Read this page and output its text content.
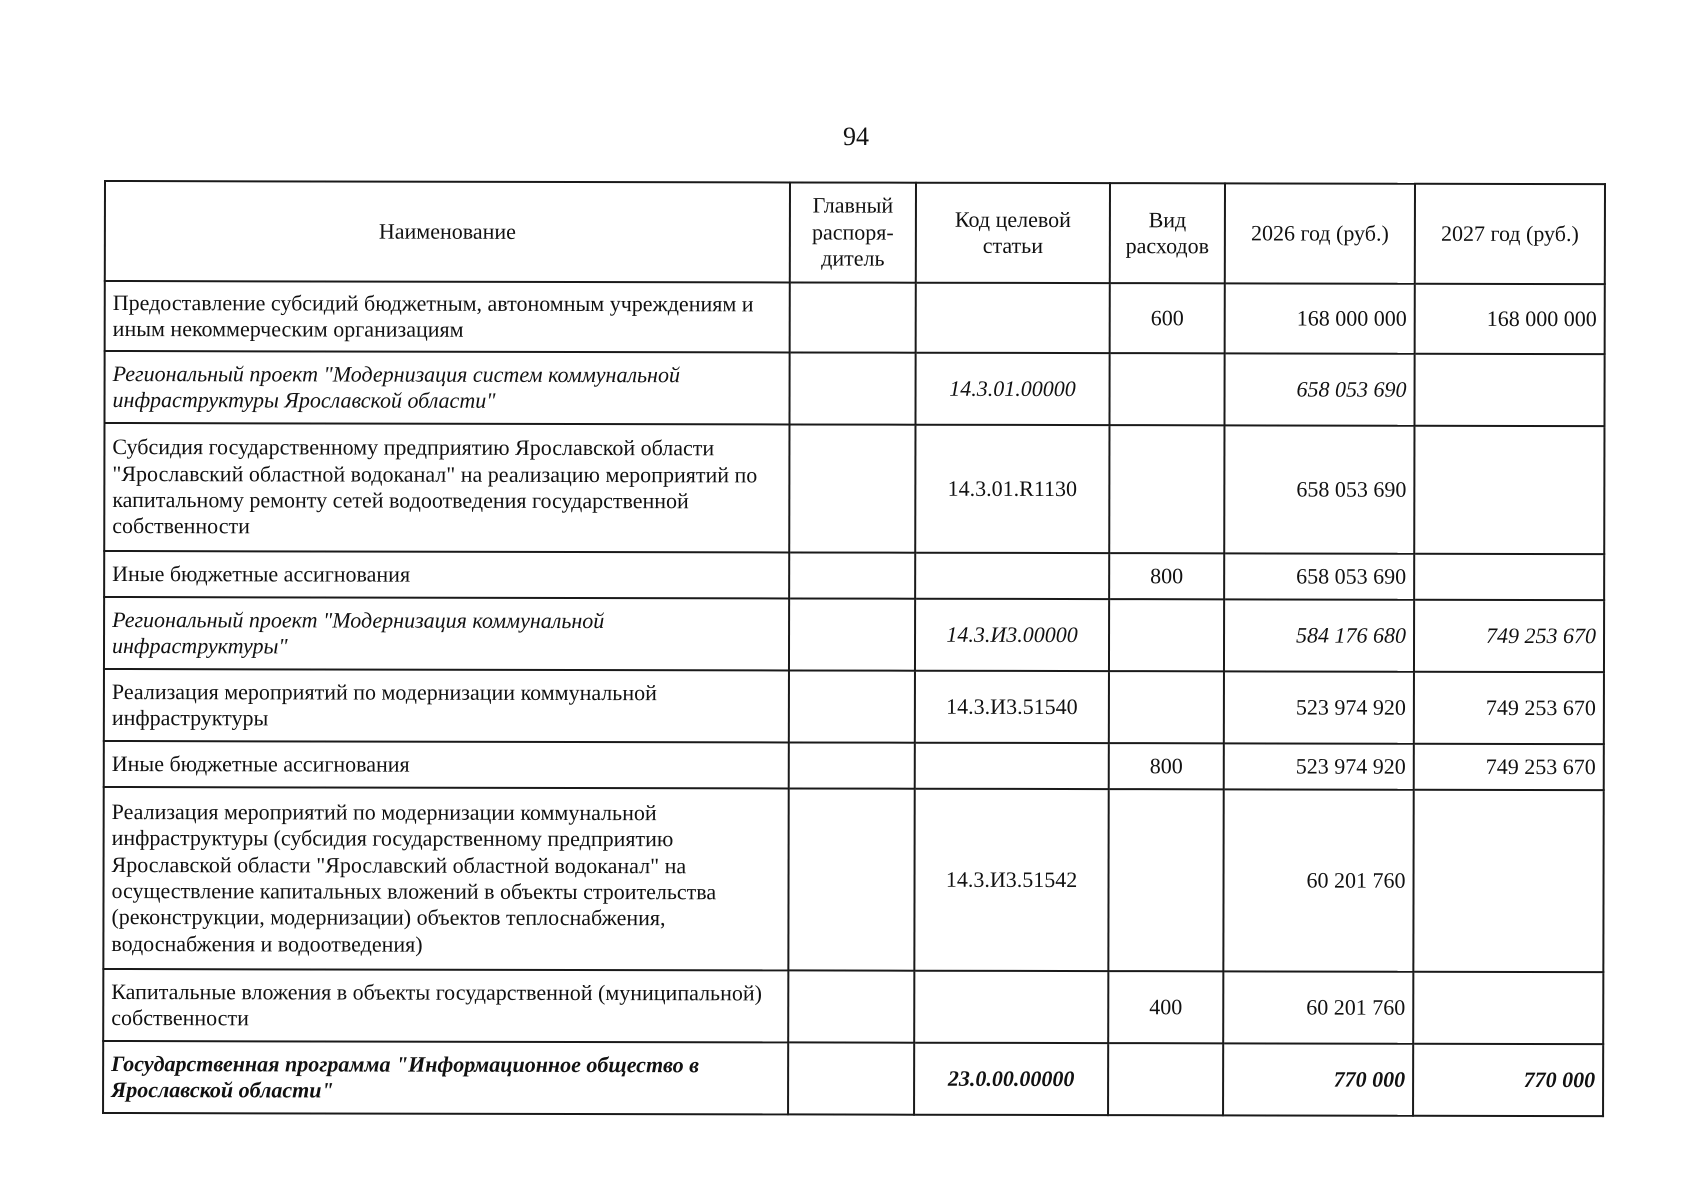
94
Наименование	Главный распоря-дитель	Код целевой статьи	Вид расходов	2026 год (руб.)	2027 год (руб.)
Предоставление субсидий бюджетным, автономным учреждениям и иным некоммерческим организациям			600	168 000 000	168 000 000
Региональный проект "Модернизация систем коммунальной инфраструктуры Ярославской области"		14.3.01.00000		658 053 690	
Субсидия государственному предприятию Ярославской области "Ярославский областной водоканал" на реализацию мероприятий по капитальному ремонту сетей водоотведения государственной собственности		14.3.01.R1130		658 053 690	
Иные бюджетные ассигнования			800	658 053 690	
Региональный проект "Модернизация коммунальной инфраструктуры"		14.3.И3.00000		584 176 680	749 253 670
Реализация мероприятий по модернизации коммунальной инфраструктуры		14.3.И3.51540		523 974 920	749 253 670
Иные бюджетные ассигнования			800	523 974 920	749 253 670
Реализация мероприятий по модернизации коммунальной инфраструктуры (субсидия государственному предприятию Ярославской области "Ярославский областной водоканал" на осуществление капитальных вложений в объекты строительства (реконструкции, модернизации) объектов теплоснабжения, водоснабжения и водоотведения)		14.3.И3.51542		60 201 760	
Капитальные вложения в объекты государственной (муниципальной) собственности			400	60 201 760	
Государственная программа "Информационное общество в Ярославской области"		23.0.00.00000		770 000	770 000
